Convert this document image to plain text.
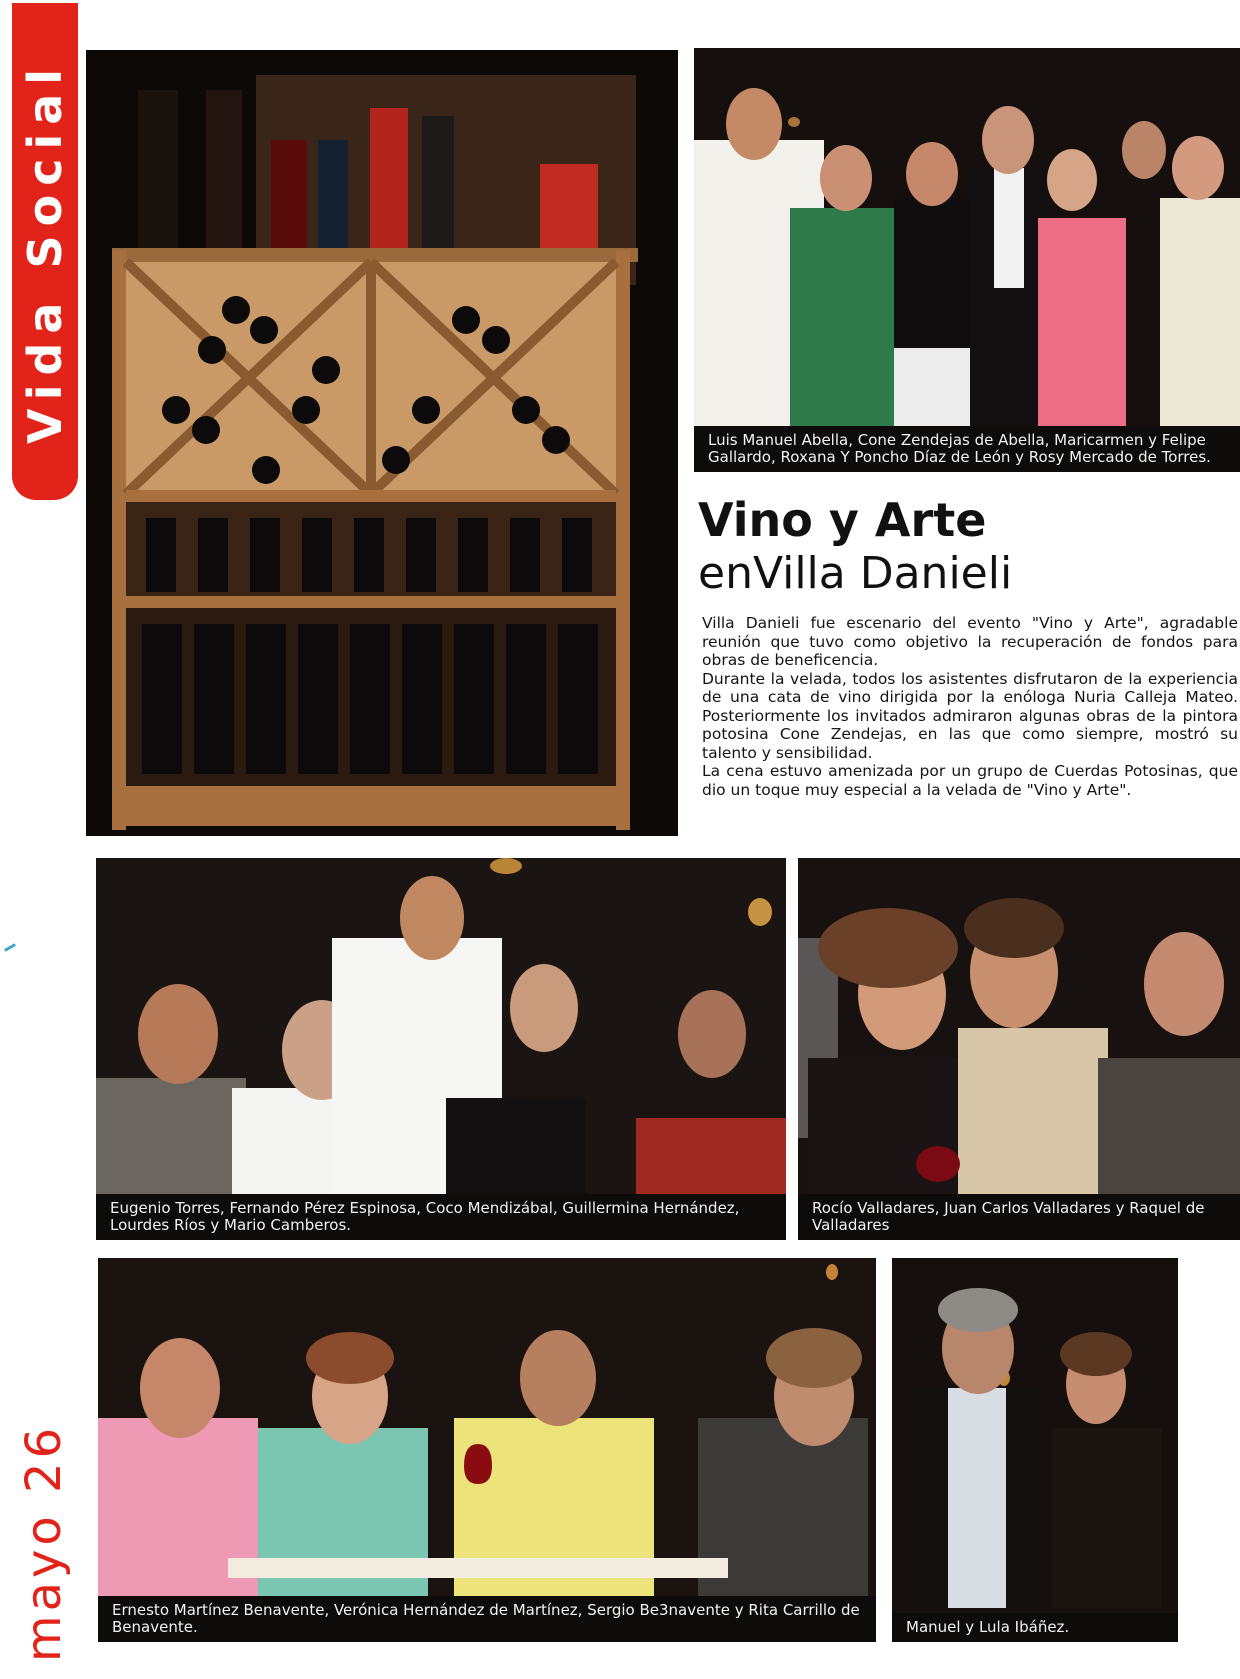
Vida Social
mayo 26
Luis Manuel Abella, Cone Zendejas de Abella, Maricarmen y Felipe Gallardo, Roxana Y Poncho Díaz de León y Rosy Mercado de Torres.
Vino y Arte
enVilla Danieli

Villa Danieli fue escenario del evento "Vino y Arte", agradable reunión que tuvo como objetivo la recuperación de fondos para obras de beneficencia.

Durante la velada, todos los asistentes disfrutaron de la experiencia de una cata de vino dirigida por la enóloga Nuria Calleja Mateo. Posteriormente los invitados admiraron algunas obras de la pintora potosina Cone Zendejas, en las que como siempre, mostró su talento y sensibilidad.

La cena estuvo amenizada por un grupo de Cuerdas Potosinas, que dio un toque muy especial a la velada de "Vino y Arte".

Eugenio Torres, Fernando Pérez Espinosa, Coco Mendizábal, Guillermina Hernández, Lourdes Ríos y Mario Camberos.
Rocío Valladares, Juan Carlos Valladares y Raquel de Valladares
Ernesto Martínez Benavente, Verónica Hernández de Martínez, Sergio Be3navente y Rita Carrillo de Benavente.	Manuel y Lula Ibáñez.
